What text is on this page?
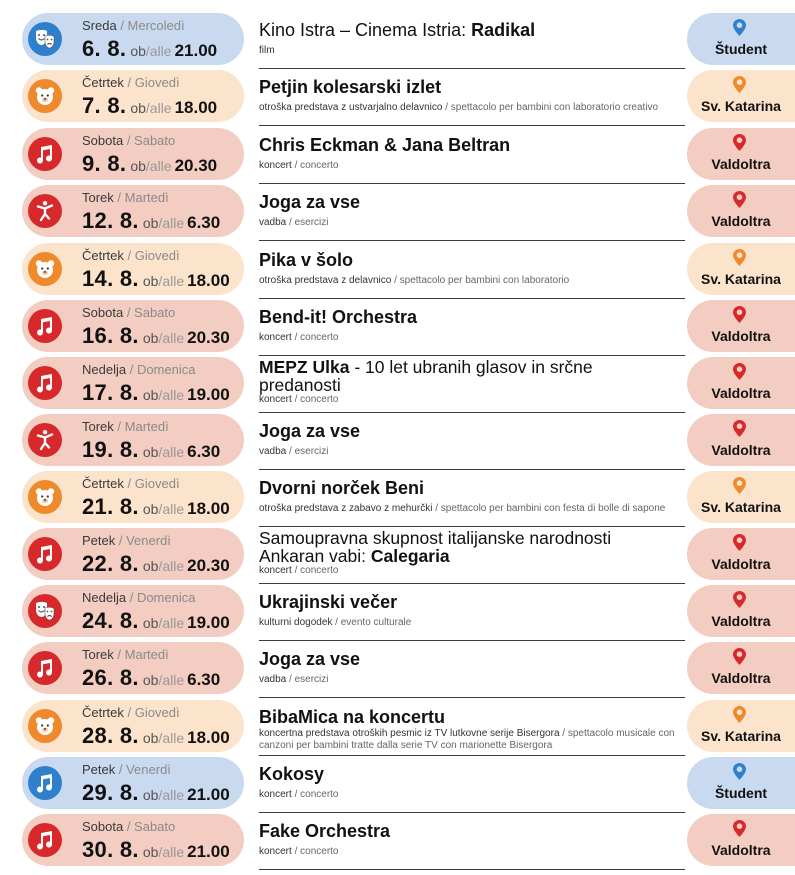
Sreda / Mercoledì
6. 8. ob/alle 21.00
Kino Istra – Cinema Istria: Radikal
film	Študent
Četrtek / Giovedì
7. 8. ob/alle 18.00
Petjin kolesarski izlet
otroška predstava z ustvarjalno delavnico / spettacolo per bambini con laboratorio creativo	Sv. Katarina
Sobota / Sabato
9. 8. ob/alle 20.30
Chris Eckman & Jana Beltran
koncert / concerto	Valdoltra
Torek / Martedì
12. 8. ob/alle 6.30
Joga za vse
vadba / esercizi	Valdoltra
Četrtek / Giovedì
14. 8. ob/alle 18.00
Pika v šolo
otroška predstava z delavnico / spettacolo per bambini con laboratorio	Sv. Katarina
Sobota / Sabato
16. 8. ob/alle 20.30
Bend-it! Orchestra
koncert / concerto	Valdoltra
Nedelja / Domenica
17. 8. ob/alle 19.00
MEPZ Ulka - 10 let ubranih glasov in srčne predanosti
koncert / concerto	Valdoltra
Torek / Martedì
19. 8. ob/alle 6.30
Joga za vse
vadba / esercizi	Valdoltra
Četrtek / Giovedì
21. 8. ob/alle 18.00
Dvorni norček Beni
otroška predstava z zabavo z mehurčki / spettacolo per bambini con festa di bolle di sapone	Sv. Katarina
Petek / Venerdì
22. 8. ob/alle 20.30
Samoupravna skupnost italijanske narodnosti Ankaran vabi: Calegaria
koncert / concerto	Valdoltra
Nedelja / Domenica
24. 8. ob/alle 19.00
Ukrajinski večer
kulturni dogodek / evento culturale	Valdoltra
Torek / Martedì
26. 8. ob/alle 6.30
Joga za vse
vadba / esercizi	Valdoltra
Četrtek / Giovedì
28. 8. ob/alle 18.00
BibaMica na koncertu
koncertna predstava otroških pesmic iz TV lutkovne serije Bisergora / spettacolo musicale con canzoni per bambini tratte dalla serie TV con marionette Bisergora
Sv. Katarina
Petek / Venerdì
29. 8. ob/alle 21.00
Kokosy
koncert / concerto	Študent
Sobota / Sabato
30. 8. ob/alle 21.00
Fake Orchestra
koncert / concerto	Valdoltra
